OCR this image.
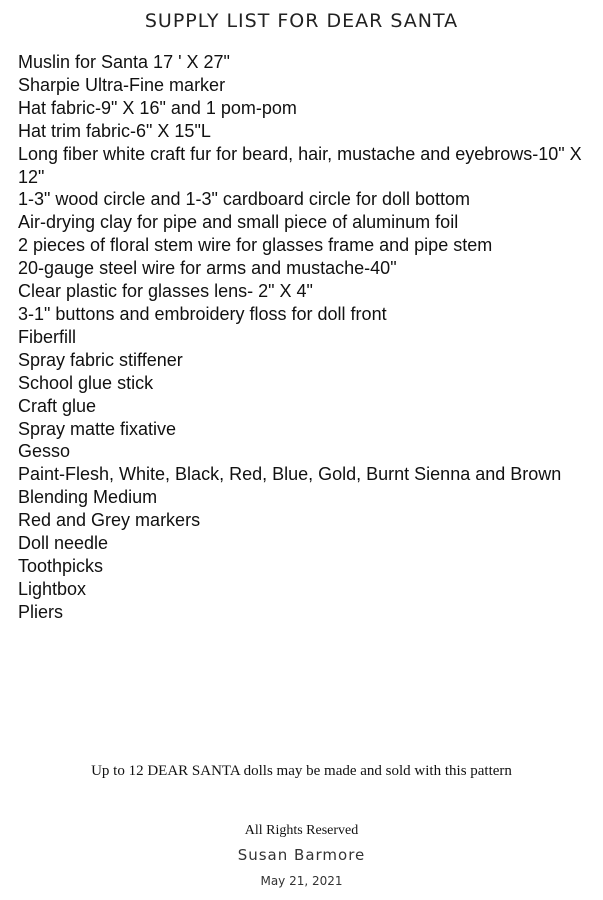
SUPPLY LIST FOR DEAR SANTA
Muslin for Santa 17 ' X 27"
Sharpie Ultra-Fine marker
Hat fabric-9" X 16" and 1 pom-pom
Hat trim fabric-6" X 15"L
Long fiber white craft fur for beard, hair, mustache and eyebrows-10" X 12"
1-3" wood circle and 1-3" cardboard circle for doll bottom
Air-drying clay for pipe and small piece of aluminum foil
2 pieces of floral stem wire for glasses frame and pipe stem
20-gauge steel wire for arms and mustache-40"
Clear plastic for glasses lens- 2" X 4"
3-1" buttons and embroidery floss for doll front
Fiberfill
Spray fabric stiffener
School glue stick
Craft glue
Spray matte fixative
Gesso
Paint-Flesh, White, Black, Red, Blue, Gold, Burnt Sienna and Brown
Blending Medium
Red and Grey markers
Doll needle
Toothpicks
Lightbox
Pliers

Up to 12 DEAR SANTA dolls may be made and sold with this pattern

All Rights Reserved

Susan Barmore

May 21, 2021
